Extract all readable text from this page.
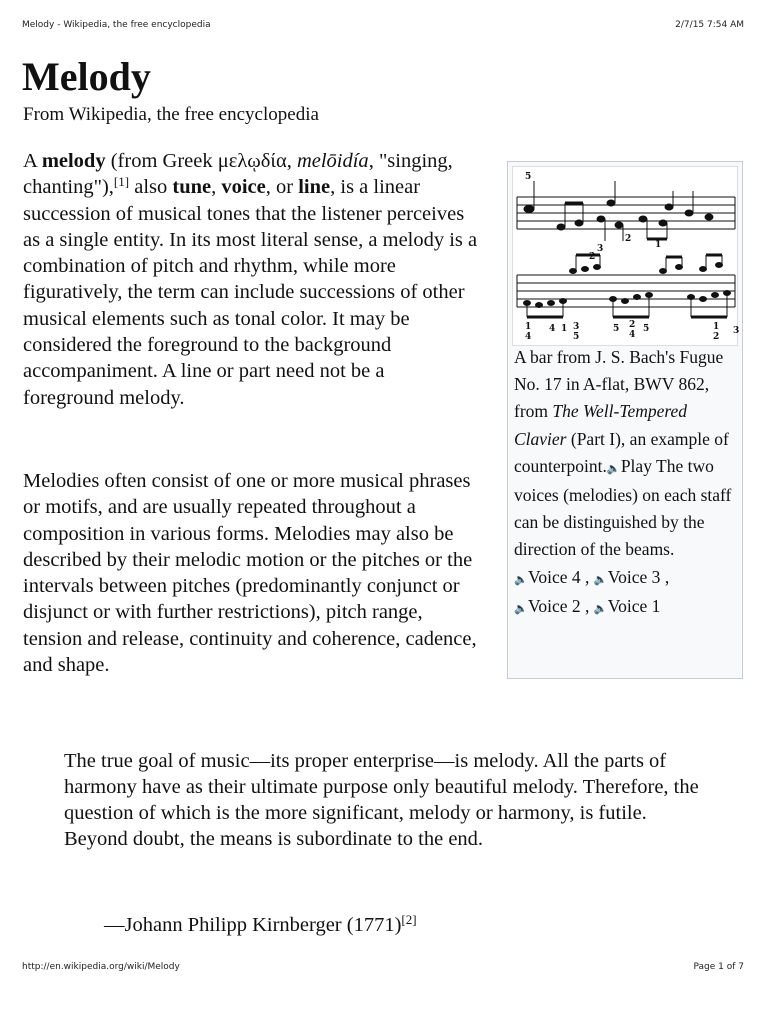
Melody - Wikipedia, the free encyclopedia	2/7/15 7:54 AM
Melody

From Wikipedia, the free encyclopedia

A melody (from Greek μελῳδία, melōidía, "singing, chanting"),[1] also tune, voice, or line, is a linear succession of musical tones that the listener perceives as a single entity. In its most literal sense, a melody is a combination of pitch and rhythm, while more figuratively, the term can include successions of other musical elements such as tonal color. It may be considered the foreground to the background accompaniment. A line or part need not be a foreground melody.

Melodies often consist of one or more musical phrases or motifs, and are usually repeated throughout a composition in various forms. Melodies may also be described by their melodic motion or the pitches or the intervals between pitches (predominantly conjunct or disjunct or with further restrictions), pitch range, tension and release, continuity and coherence, cadence, and shape.

5
3
2
1
2
1
4
4 1 3
5
5 2
4
5	1
2
3

A bar from J. S. Bach's Fugue No. 17 in A-flat, BWV 862, from The Well-Tempered Clavier (Part I), an example of counterpoint.🔈Play The two voices (melodies) on each staff can be distinguished by the direction of the beams.
🔈Voice 4 , 🔈Voice 3 ,
🔈Voice 2 , 🔈Voice 1

The true goal of music—its proper enterprise—is melody. All the parts of harmony have as their ultimate purpose only beautiful melody. Therefore, the question of which is the more significant, melody or harmony, is futile. Beyond doubt, the means is subordinate to the end.

—Johann Philipp Kirnberger (1771)[2]

http://en.wikipedia.org/wiki/Melody	Page 1 of 7
